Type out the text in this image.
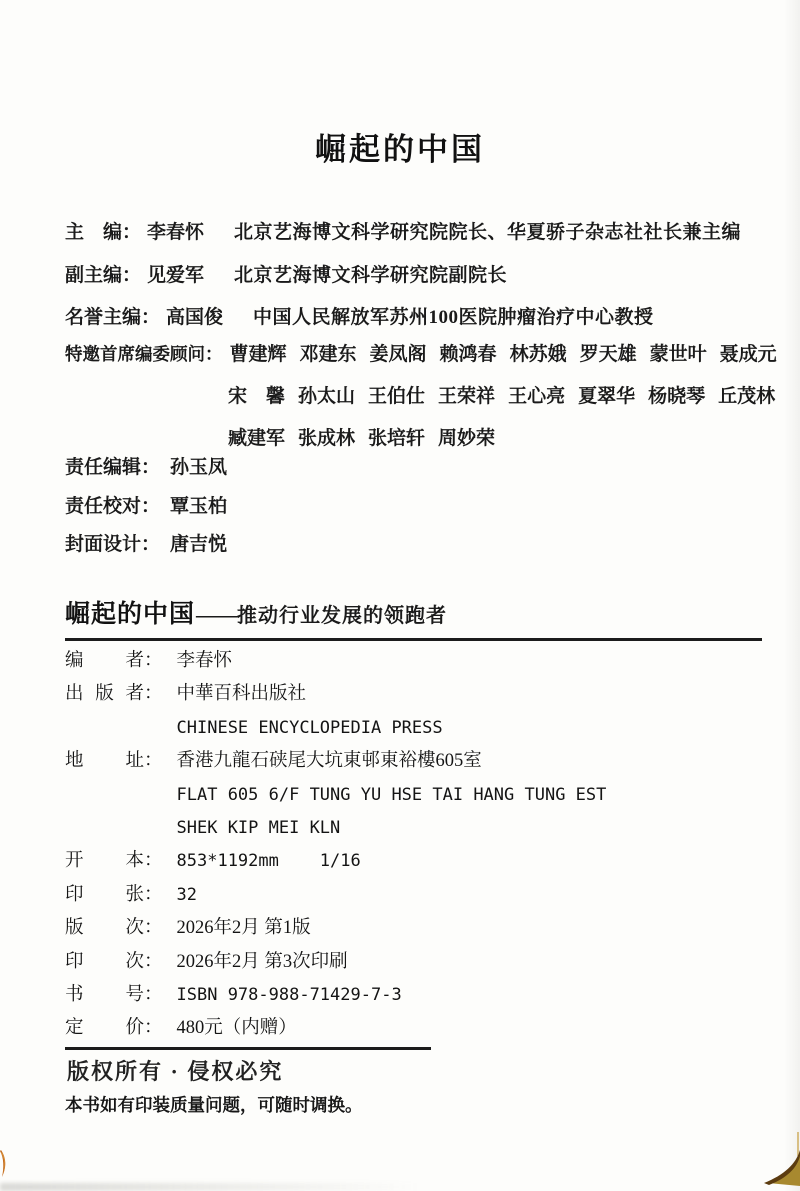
崛起的中国
主　编： 李春怀 北京艺海博文科学研究院院长、华夏骄子杂志社社长兼主编
副主编： 见爱军 北京艺海博文科学研究院副院长
名誉主编： 高国俊 中国人民解放军苏州100医院肿瘤治疗中心教授
特邀首席编委顾问： 曹建辉 邓建东 姜凤阁 赖鸿春 林苏娥 罗天雄 蒙世叶 聂成元
宋　馨 孙太山 王伯仕 王荣祥 王心亮 夏翠华 杨晓琴 丘茂林
臧建军 张成林 张培轩 周妙荣
责任编辑： 孙玉凤
责任校对： 覃玉柏
封面设计： 唐吉悦
崛起的中国 —— 推动行业发展的领跑者
编者： 李春怀
出版者： 中華百科出版社
CHINESE ENCYCLOPEDIA PRESS
地址： 香港九龍石硖尾大坑東邨東裕樓605室
FLAT 605 6/F TUNG YU HSE TAI HANG TUNG EST
SHEK KIP MEI KLN
开本： 853*1192mm    1/16
印张： 32
版次： 2026年2月 第1版
印次： 2026年2月 第3次印刷
书号： ISBN 978-988-71429-7-3
定价： 480元（内赠）
版权所有 · 侵权必究
本书如有印装质量问题，可随时调换。
